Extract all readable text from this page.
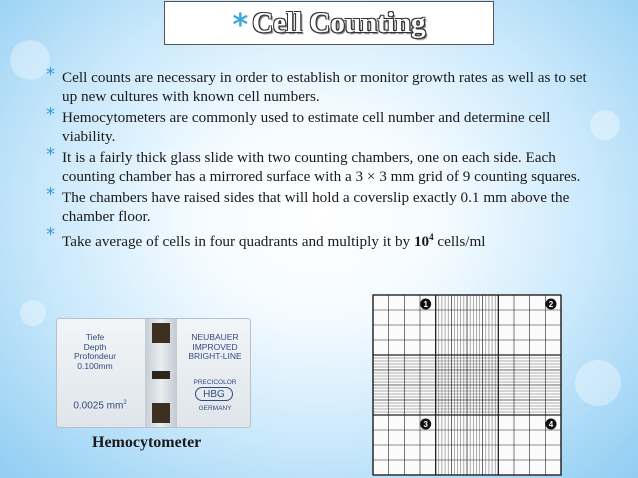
* Cell Counting
* Cell counts are necessary in order to establish or monitor growth rates as well as to set up new cultures with known cell numbers.
* Hemocytometers are commonly used to estimate cell number and determine cell viability.
* It is a fairly thick glass slide with two counting chambers, one on each side. Each counting chamber has a mirrored surface with a 3 × 3 mm grid of 9 counting squares.
* The chambers have raised sides that will hold a coverslip exactly 0.1 mm above the chamber floor.
* Take average of cells in four quadrants and multiply it by $10^4$ cells/ml
Tiefe
Depth
Profondeur
0.100mm
0.0025 $mm^2$
NEUBAUER
IMPROVED
BRIGHT-LINE
PRECICOLOR
HBG
GERMANY
Hemocytometer
1	2
3	4
